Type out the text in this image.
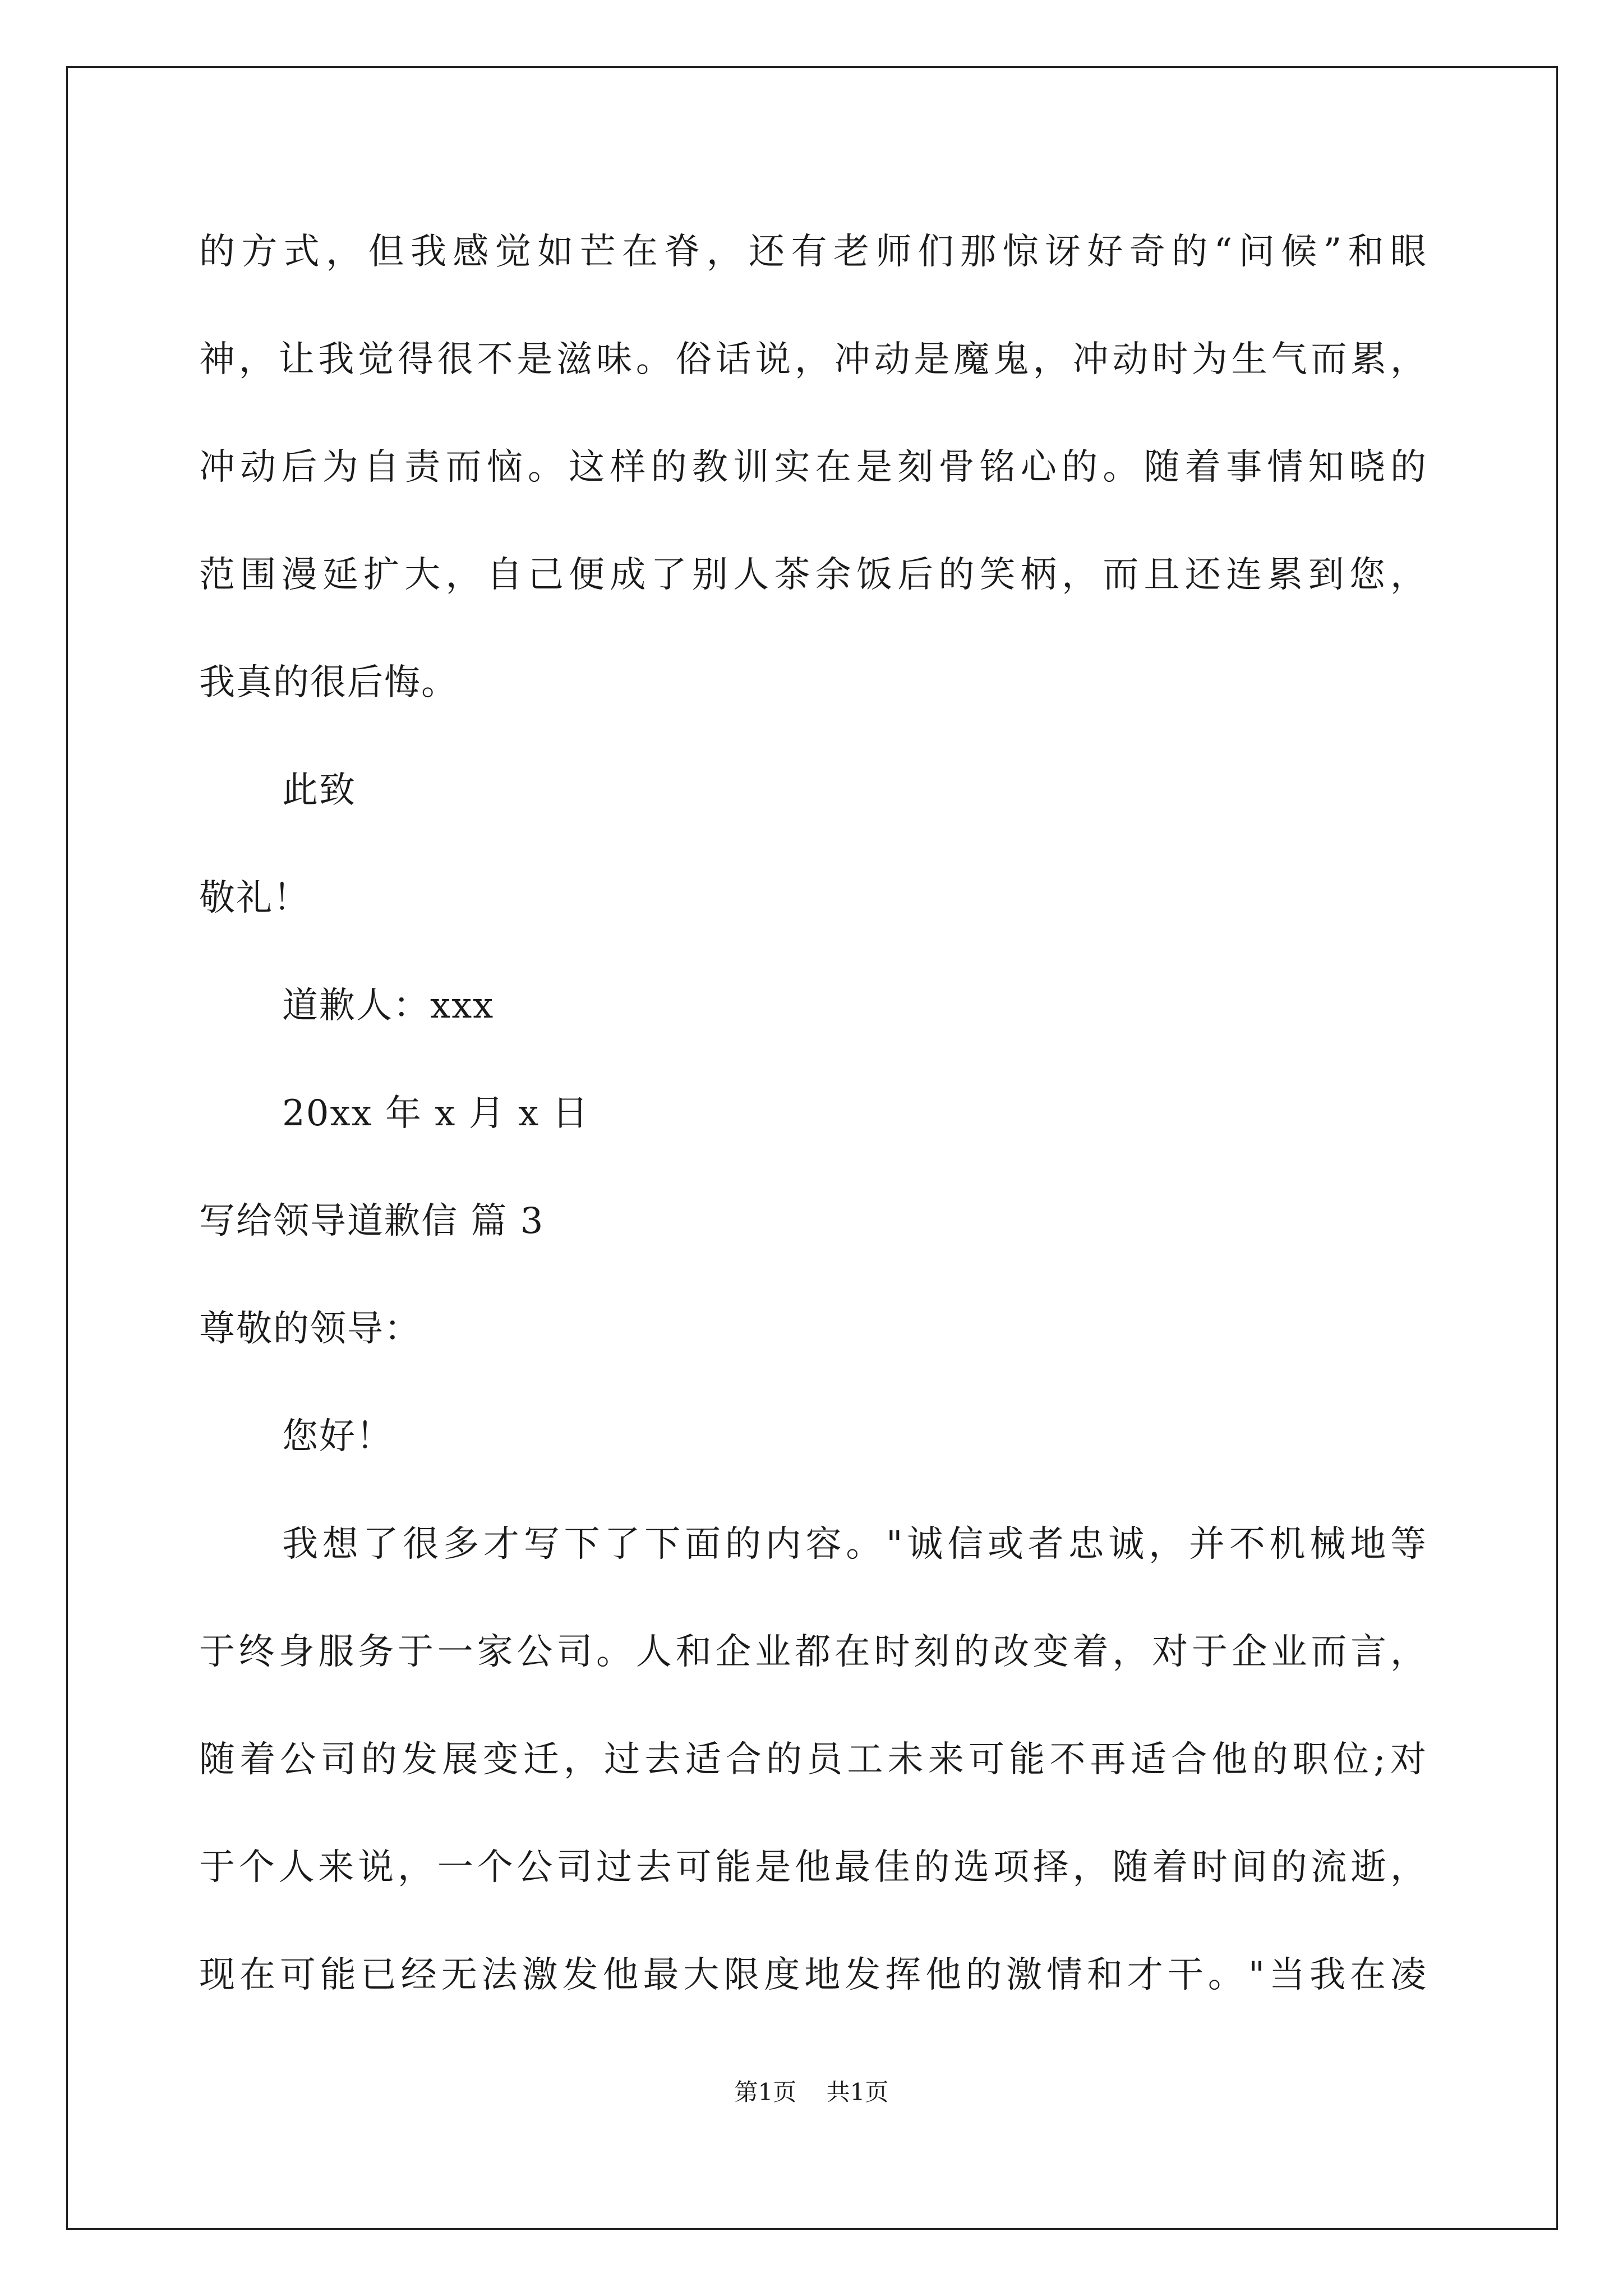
的方式，但我感觉如芒在脊，还有老师们那惊讶好奇的“问候”和眼
神，让我觉得很不是滋味。俗话说，冲动是魔鬼，冲动时为生气而累，
冲动后为自责而恼。这样的教训实在是刻骨铭心的。随着事情知晓的
范围漫延扩大，自己便成了别人茶余饭后的笑柄，而且还连累到您，
我真的很后悔。
此致
敬礼！
道歉人：xxx
20xx 年 x 月 x 日
写给领导道歉信 篇 3
尊敬的领导：
您好！
我想了很多才写下了下面的内容。"诚信或者忠诚，并不机械地等
于终身服务于一家公司。人和企业都在时刻的改变着，对于企业而言，
随着公司的发展变迁，过去适合的员工未来可能不再适合他的职位;对
于个人来说，一个公司过去可能是他最佳的选项择，随着时间的流逝，
现在可能已经无法激发他最大限度地发挥他的激情和才干。"当我在凌
第1页    共1页
